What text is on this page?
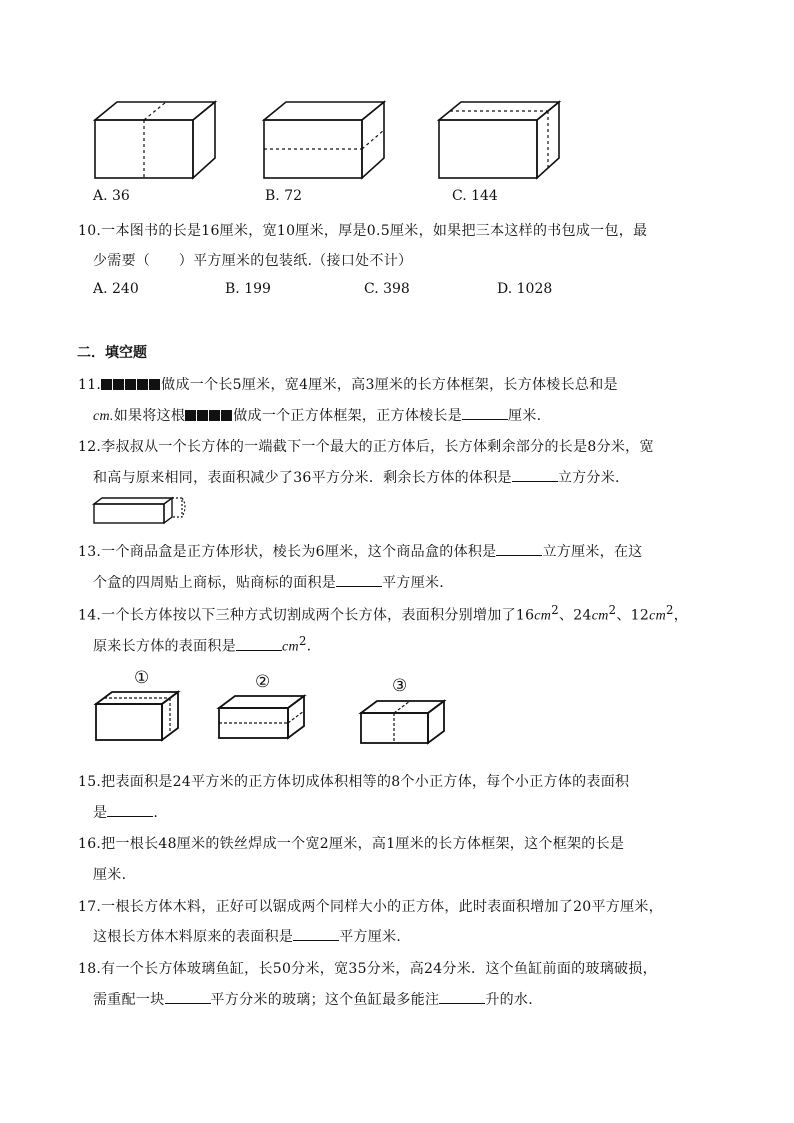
A. 36	B. 72	C. 144
10.一本图书的长是16厘米，宽10厘米，厚是0.5厘米，如果把三本这样的书包成一包，最
少需要（　　）平方厘米的包装纸.（接口处不计）
A. 240	B. 199	C. 398	D. 1028
二．填空题
11.	做成一个长5厘米，宽4厘米，高3厘米的长方体框架，长方体棱长总和是
cm.如果将这根	做成一个正方体框架，正方体棱长是	厘米.
12.李叔叔从一个长方体的一端截下一个最大的正方体后，长方体剩余部分的长是8分米，宽
和高与原来相同，表面积减少了36平方分米．剩余长方体的体积是	立方分米.
13.一个商品盒是正方体形状，棱长为6厘米，这个商品盒的体积是	立方厘米，在这
个盒的四周贴上商标，贴商标的面积是	平方厘米.
14.一个长方体按以下三种方式切割成两个长方体，表面积分别增加了$16cm^2$、$24cm^2$、$12cm^2$，
原来长方体的表面积是	$cm^2$.
①	②	③
15.把表面积是24平方米的正方体切成体积相等的8个小正方体，每个小正方体的表面积
是	.
16.把一根长48厘米的铁丝焊成一个宽2厘米，高1厘米的长方体框架，这个框架的长是
厘米.
17.一根长方体木料，正好可以锯成两个同样大小的正方体，此时表面积增加了20平方厘米，
这根长方体木料原来的表面积是	平方厘米.
18.有一个长方体玻璃鱼缸，长50分米，宽35分米，高24分米．这个鱼缸前面的玻璃破损，
需重配一块	平方分米的玻璃；这个鱼缸最多能注	升的水.
